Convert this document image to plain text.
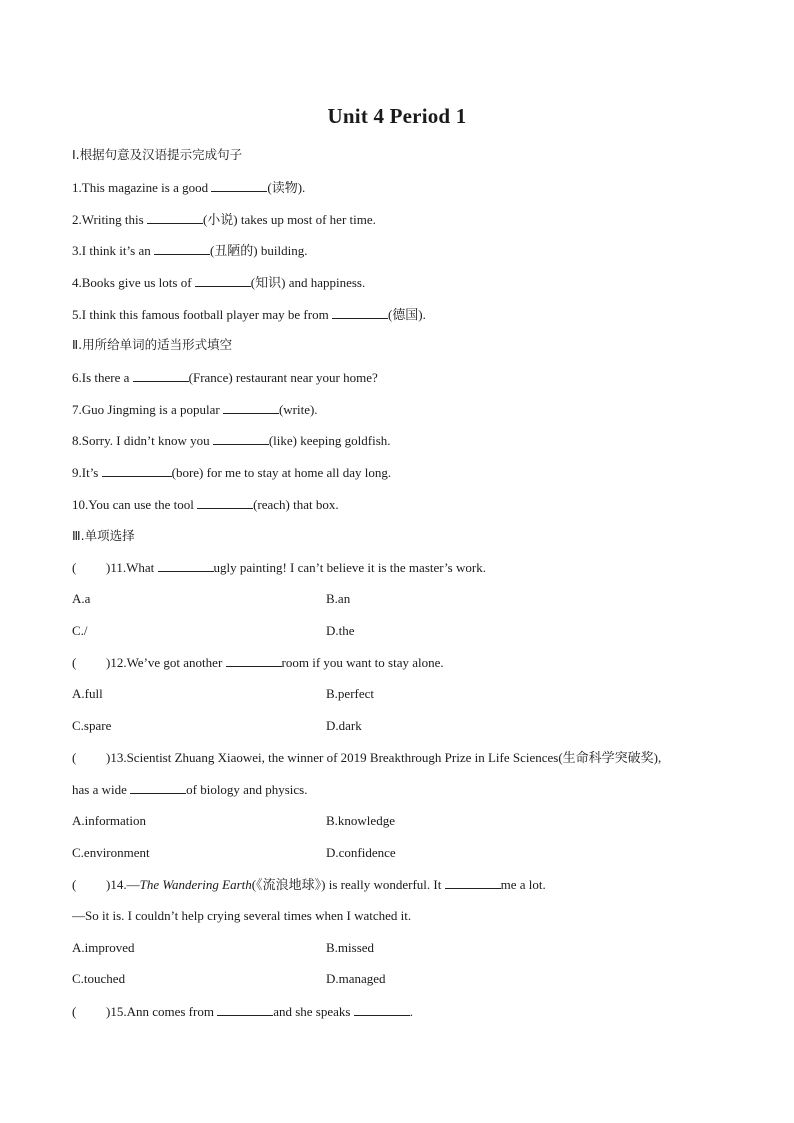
Unit 4 Period 1
Ⅰ.根据句意及汉语提示完成句子
1.This magazine is a good	(读物).
2.Writing this	(小说) takes up most of her time.
3.I think it’s an	(丑陋的) building.
4.Books give us lots of	(知识) and happiness.
5.I think this famous football player may be from	(德国).
Ⅱ.用所给单词的适当形式填空
6.Is there a	(France) restaurant near your home?
7.Guo Jingming is a popular	(write).
8.Sorry. I didn’t know you	(like) keeping goldfish.
9.It’s	(bore) for me to stay at home all day long.
10.You can use the tool	(reach) that box.
Ⅲ.单项选择
( )11.What	ugly painting! I can’t believe it is the master’s work.
A.a	B.an
C./	D.the
( )12.We’ve got another	room if you want to stay alone.
A.full	B.perfect
C.spare	D.dark
( )13.Scientist Zhuang Xiaowei, the winner of 2019 Breakthrough Prize in Life Sciences(生命科学突破奖),
has a wide	of biology and physics.
A.information	B.knowledge
C.environment	D.confidence
( )14.—The Wandering Earth(《流浪地球》) is really wonderful. It	me a lot.
—So it is. I couldn’t help crying several times when I watched it.
A.improved	B.missed
C.touched	D.managed
( )15.Ann comes from	and she speaks	.
